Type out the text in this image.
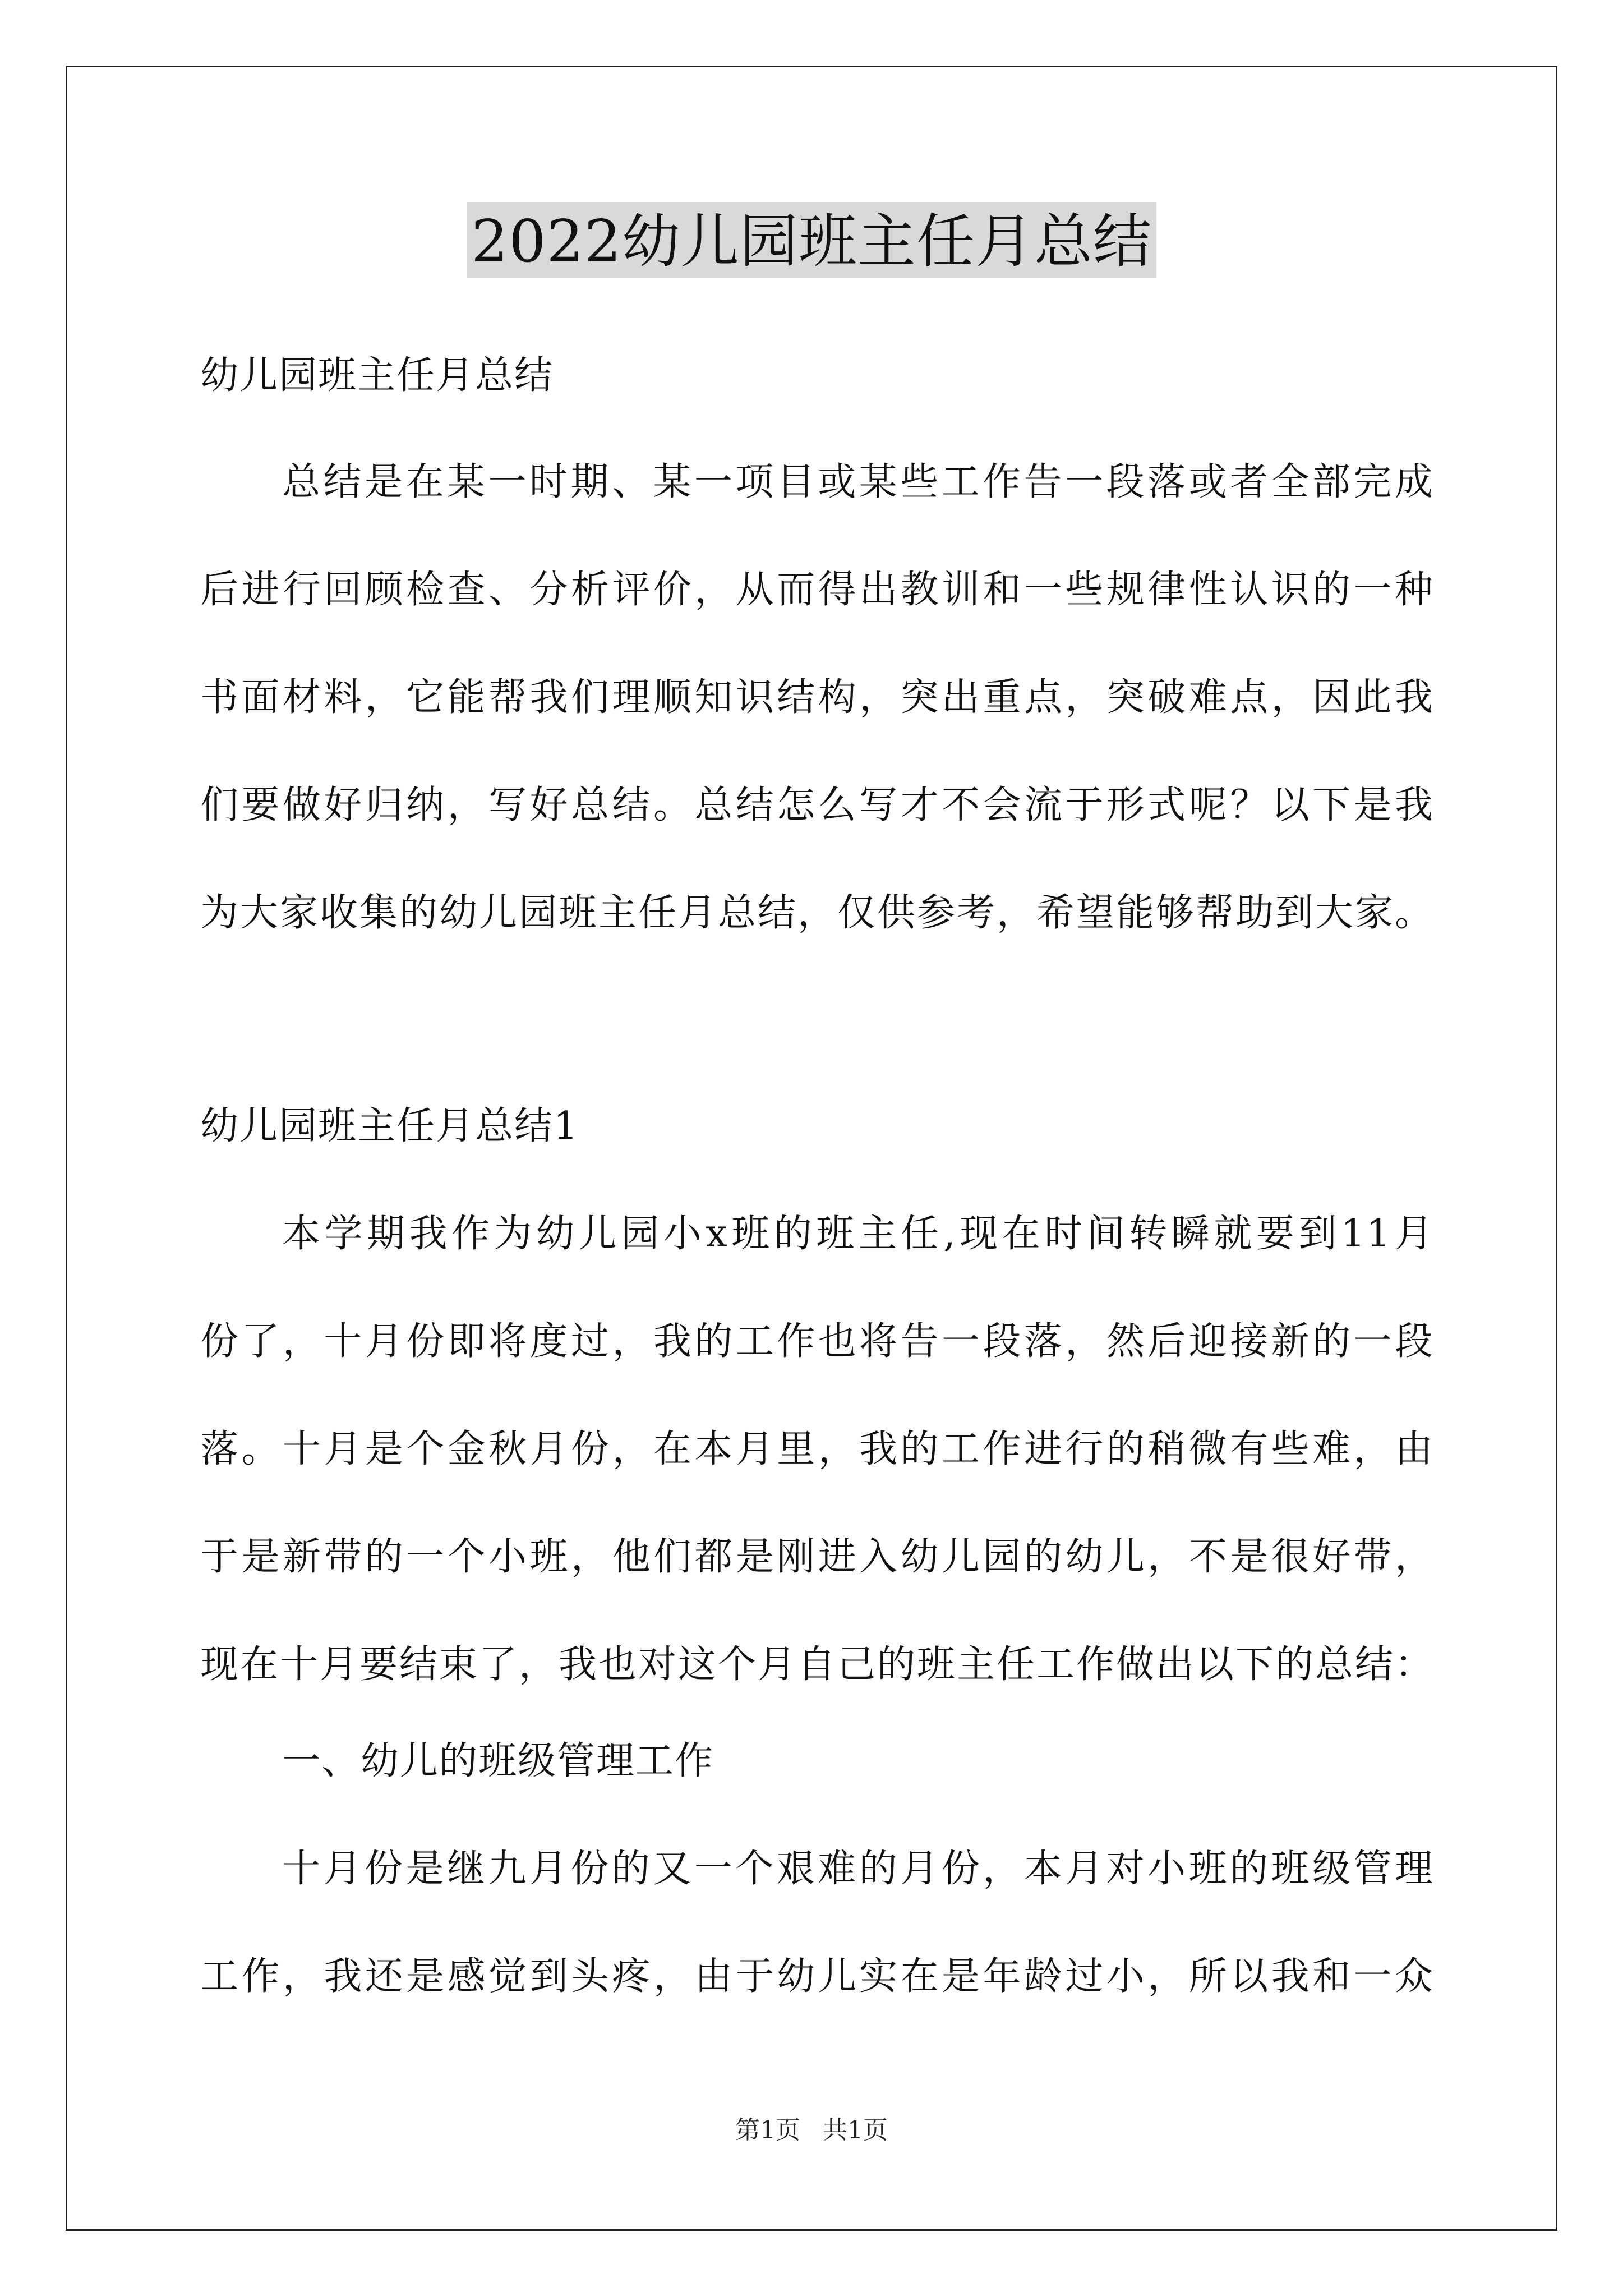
2022幼儿园班主任月总结
幼儿园班主任月总结
总结是在某一时期、某一项目或某些工作告一段落或者全部完成
后进行回顾检查、分析评价，从而得出教训和一些规律性认识的一种
书面材料，它能帮我们理顺知识结构，突出重点，突破难点，因此我
们要做好归纳，写好总结。总结怎么写才不会流于形式呢？以下是我
为大家收集的幼儿园班主任月总结，仅供参考，希望能够帮助到大家。
幼儿园班主任月总结1
本学期我作为幼儿园小x班的班主任,现在时间转瞬就要到11月
份了，十月份即将度过，我的工作也将告一段落，然后迎接新的一段
落。十月是个金秋月份，在本月里，我的工作进行的稍微有些难，由
于是新带的一个小班，他们都是刚进入幼儿园的幼儿，不是很好带，
现在十月要结束了，我也对这个月自己的班主任工作做出以下的总结：
一、幼儿的班级管理工作
十月份是继九月份的又一个艰难的月份，本月对小班的班级管理
工作，我还是感觉到头疼，由于幼儿实在是年龄过小，所以我和一众
第1页 共1页
